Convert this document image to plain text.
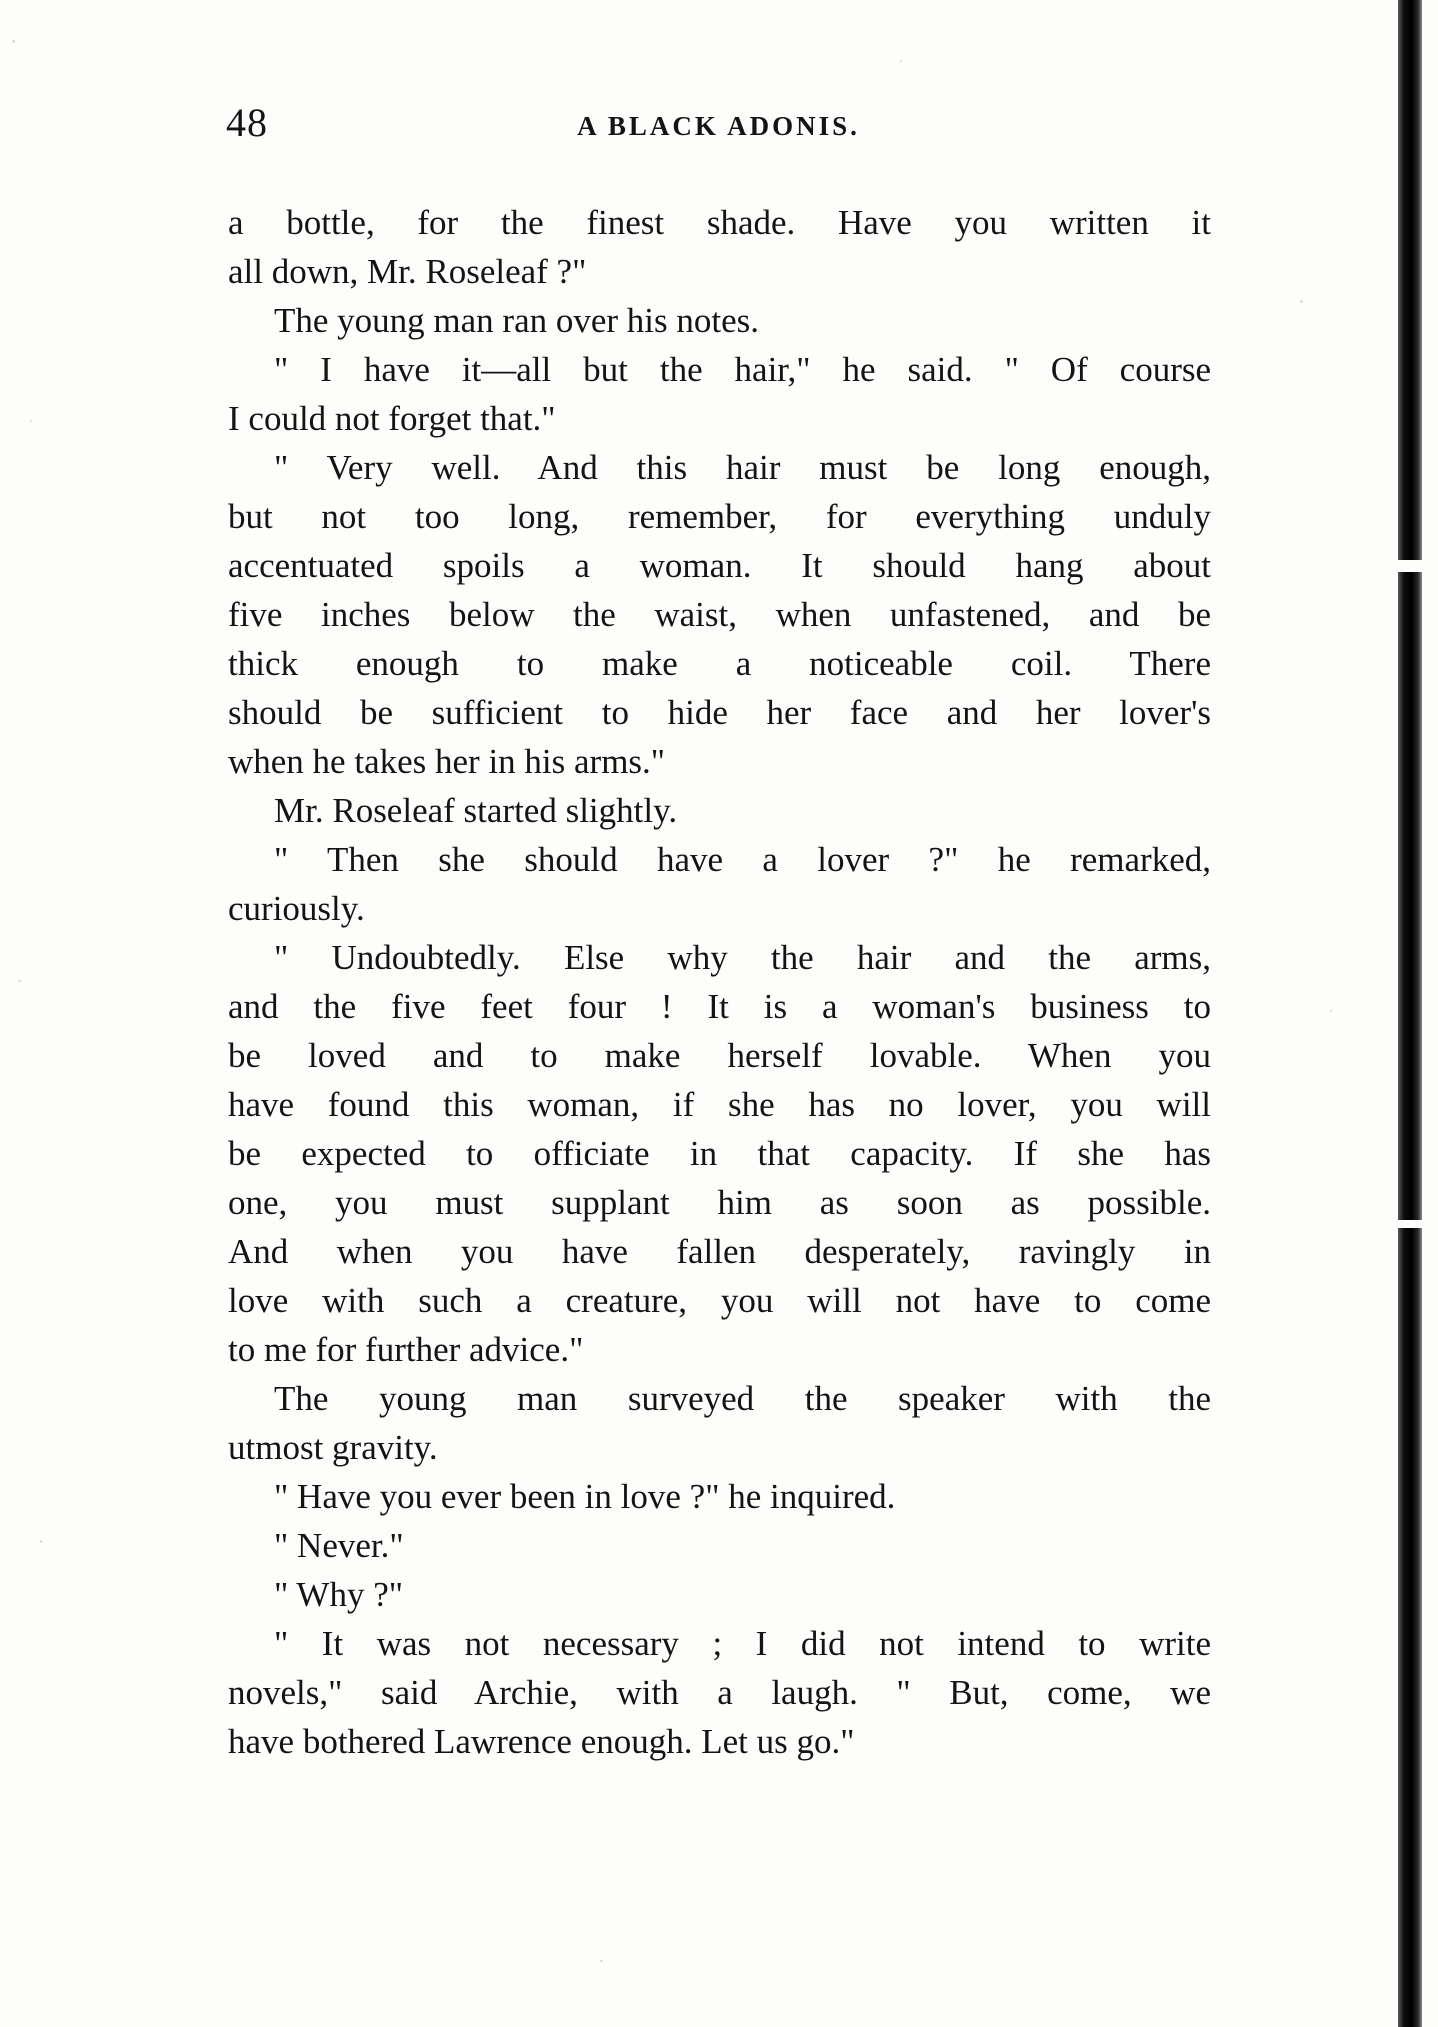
48	A BLACK ADONIS.
a bottle, for the finest shade. Have you written it
all down, Mr. Roseleaf ?"
The young man ran over his notes.
" I have it—all but the hair," he said. " Of course
I could not forget that."
" Very well. And this hair must be long enough,
but not too long, remember, for everything unduly
accentuated spoils a woman. It should hang about
five inches below the waist, when unfastened, and be
thick enough to make a noticeable coil. There
should be sufficient to hide her face and her lover's
when he takes her in his arms."
Mr. Roseleaf started slightly.
" Then she should have a lover ?" he remarked,
curiously.
" Undoubtedly. Else why the hair and the arms,
and the five feet four ! It is a woman's business to
be loved and to make herself lovable. When you
have found this woman, if she has no lover, you will
be expected to officiate in that capacity. If she has
one, you must supplant him as soon as possible.
And when you have fallen desperately, ravingly in
love with such a creature, you will not have to come
to me for further advice."
The young man surveyed the speaker with the
utmost gravity.
" Have you ever been in love ?" he inquired.
" Never."
" Why ?"
" It was not necessary ; I did not intend to write
novels," said Archie, with a laugh. " But, come, we
have bothered Lawrence enough. Let us go."
